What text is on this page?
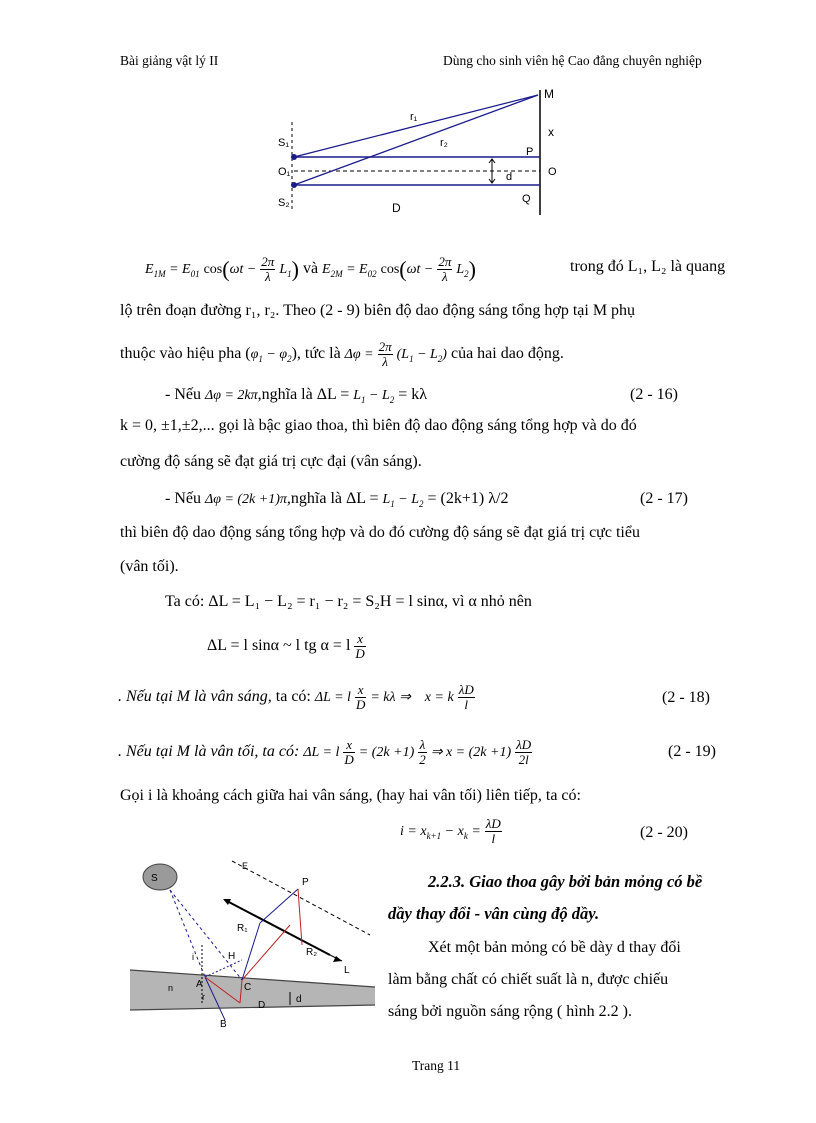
Bài giảng vật lý II	Dùng cho sinh viên hệ Cao đẳng chuyên nghiệp
M
r₁
r₂
x
S₁
P
O₁	O
d
S₂	D
Q
$E_{1M} = E_{01}$ $\cos(\omega t - \frac{2\pi}{\lambda} L_1)$ và $E_{2M} = E_{02}$ $\cos(\omega t - \frac{2\pi}{\lambda} L_2)$	trong đó L₁, L₂ là quang
lộ trên đoạn đường r₁, r₂. Theo (2 - 9) biên độ dao động sáng tổng hợp tại M phụ
thuộc vào hiệu pha $(\varphi_1 - \varphi_2)$, tức là $\Delta\varphi = \frac{2\pi}{\lambda} (L_1 - L_2)$ của hai dao động.
- Nếu Δφ = 2kπ,nghĩa là $\Delta L = L_1 - L_2 = k\lambda$	(2 - 16)
k = 0, ±1,±2,... gọi là bậc giao thoa, thì biên độ dao động sáng tổng hợp và do đó
cường độ sáng sẽ đạt giá trị cực đại (vân sáng).
- Nếu Δφ = (2k +1)π,nghĩa là $\Delta L = L_1 - L_2 = (2k+1)$ λ/2	(2 - 17)
thì biên độ dao động sáng tổng hợp và do đó cường độ sáng sẽ đạt giá trị cực tiểu
(vân tối).
Ta có: ΔL = L₁ − L₂ = r₁ − r₂ = S₂H = l sinα, vì α nhỏ nên
ΔL = l sinα ~ l tg α = l $\frac{x}{D}$
. Nếu tại M là vân sáng, ta có: ΔL = l $\frac{x}{D} = k\lambda$ ⇒    x = k $\frac{\lambda D}{l}$	(2 - 18)
. Nếu tại M là vân tối, ta có: ΔL = l $\frac{x}{D} = (2k +1) \frac{\lambda}{2}$ ⇒ $x = (2k +1) \frac{\lambda D}{2l}$	(2 - 19)
Gọi i là khoảng cách giữa hai vân sáng, (hay hai vân tối) liên tiếp, ta có:
$i = x_{k+1} - x_k = \frac{\lambda D}{l}$	(2 - 20)
S
E
P
R₁
R₂
L
H
A	C
D
B
n
i
r	d
2.2.3. Giao thoa gây bởi bản mỏng có bề
dầy thay đổi - vân cùng độ dầy.
Xét một bản mỏng có bề dày d thay đổi
làm bằng chất có chiết suất là n, được chiếu
sáng bởi nguồn sáng rộng ( hình 2.2 ).
Trang 11
